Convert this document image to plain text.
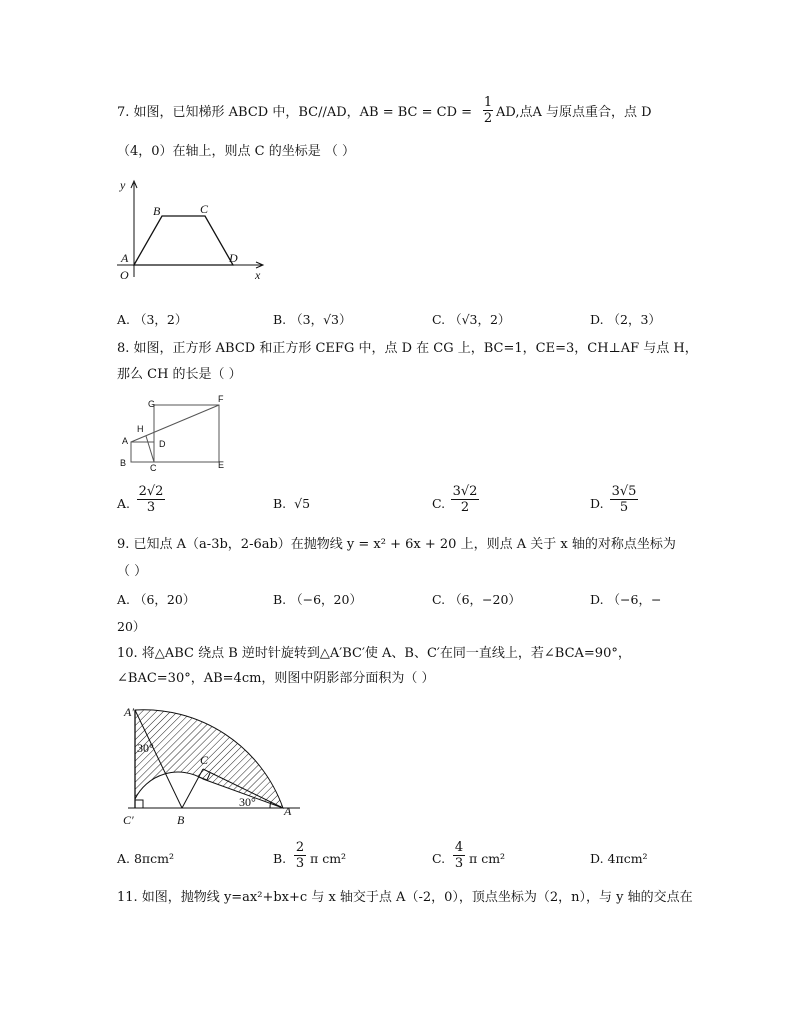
7. 如图，已知梯形 ABCD 中，BC//AD，AB = BC = CD =
1
2 AD,点A 与原点重合，点 D
（4，0）在轴上，则点 C 的坐标是 （ ）
y
x
O
A
B	C
D
A. （3，2）	B. （3，√3）	C. （√3，2）	D. （2，3）
8. 如图，正方形 ABCD 和正方形 CEFG 中，点 D 在 CG 上，BC=1，CE=3，CH⊥AF 与点 H，
那么 CH 的长是（ ）
G	F
H
A	D
B	C	E
A.
2√2
3	B. √5	C.
3√2
2	D.
3√5
5
9. 已知点 A（a-3b，2-6ab）在抛物线 y = x² + 6x + 20 上，则点 A 关于 x 轴的对称点坐标为
（ ）
A. （6，20）	B. （−6，20）	C. （6，−20）	D. （−6，−
20）
10. 将△ABC 绕点 B 逆时针旋转到△A′BC′使 A、B、C′在同一直线上，若∠BCA=90°，
∠BAC=30°，AB=4cm，则图中阴影部分面积为（ ）
A′
30°
C
30°
A
C′	B
A. 8πcm²	B.
2
3 π cm²	C.
4
3 π cm²	D. 4πcm²
11. 如图，抛物线 y=ax²+bx+c 与 x 轴交于点 A（-2，0），顶点坐标为（2，n），与 y 轴的交点在
